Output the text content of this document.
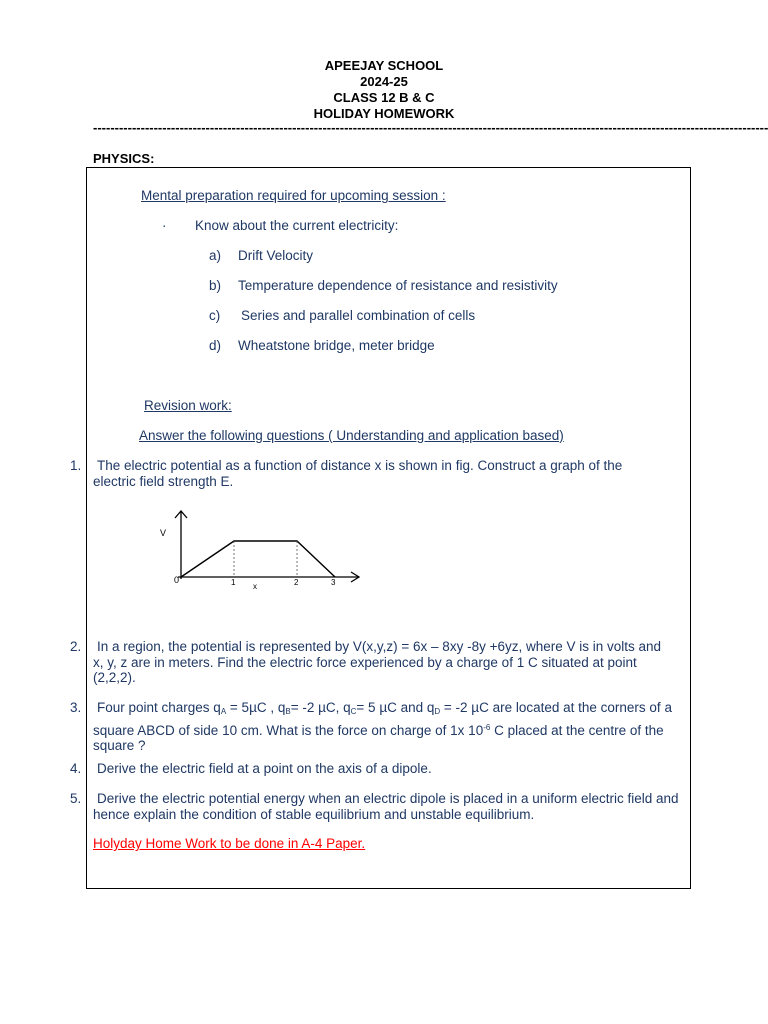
APEEJAY SCHOOL
2024-25
CLASS 12 B & C
HOLIDAY HOMEWORK
------------------------------------------------------------------------------------------------------------------------------------------------------------
PHYSICS:
Mental preparation required for upcoming session :
· Know about the current electricity:
a) Drift Velocity
b) Temperature dependence of resistance and resistivity
c) Series and parallel combination of cells
d) Wheatstone bridge, meter bridge
Revision work:
Answer the following questions ( Understanding and application based)
1. The electric potential as a function of distance x is shown in fig. Construct a graph of the electric field strength E.
V
0	1	2	3
x
2. In a region, the potential is represented by V(x,y,z) = 6x – 8xy -8y +6yz, where V is in volts and x, y, z are in meters. Find the electric force experienced by a charge of 1 C situated at point (2,2,2).
3. Four point charges $q_A = 5\mu C$ , $q_B= -2$ µC, $q_C= 5$ µC and $q_D = -2$ µC are located at the corners of a square ABCD of side 10 cm. What is the force on charge of 1x $10^{-6}$ C placed at the centre of the square ?
4. Derive the electric field at a point on the axis of a dipole.
5. Derive the electric potential energy when an electric dipole is placed in a uniform electric field and hence explain the condition of stable equilibrium and unstable equilibrium.
Holyday Home Work to be done in A-4 Paper.
